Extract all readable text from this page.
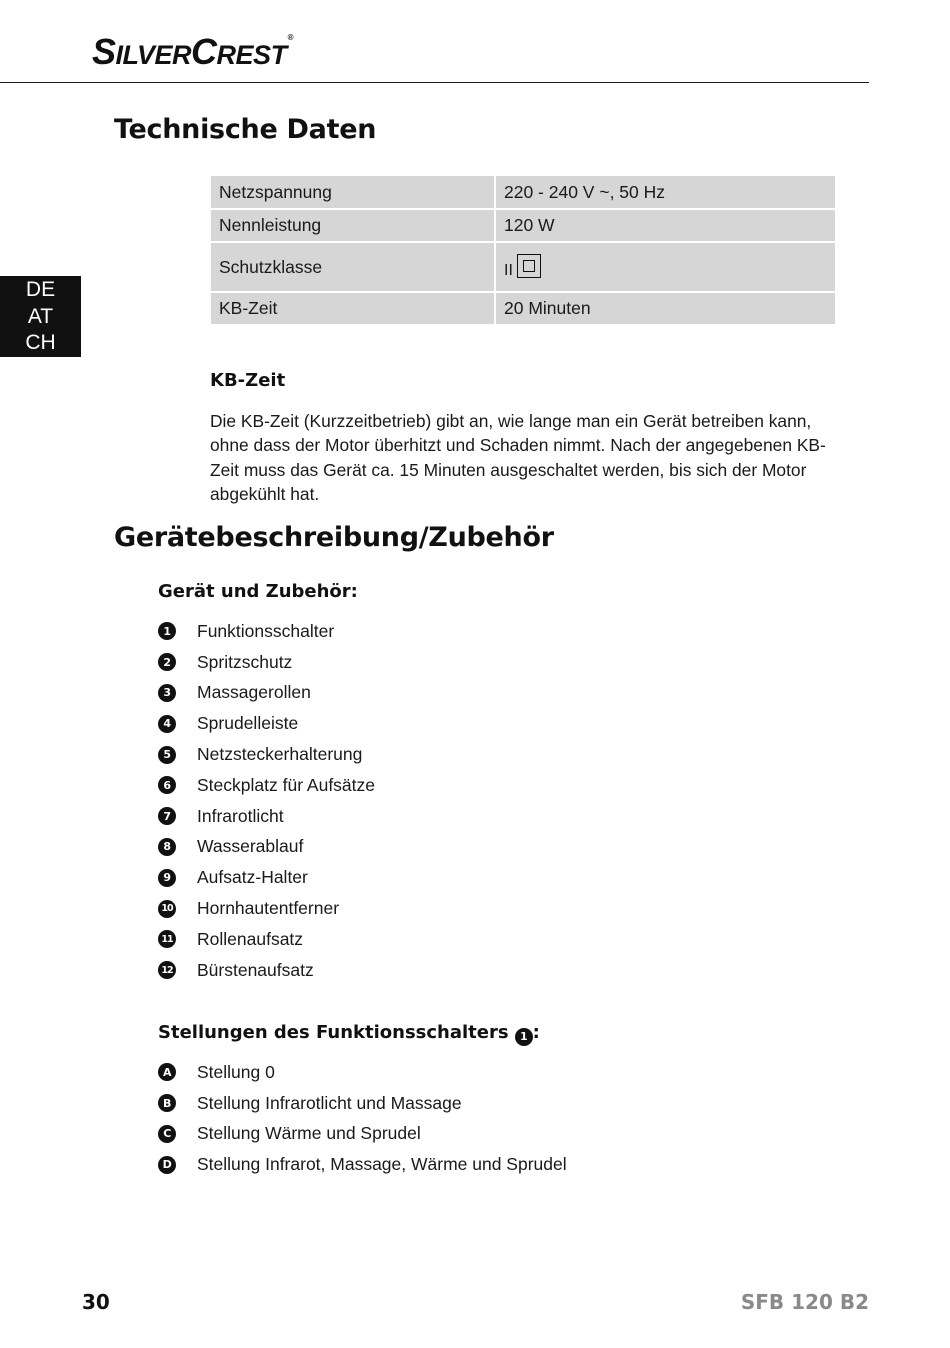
SILVERCREST®
DE
AT
CH
Technische Daten
Netzspannung	220 - 240 V ~, 50 Hz
Nennleistung	120 W
Schutzklasse	II

KB-Zeit	20 Minuten
KB-Zeit

Die KB-Zeit (Kurzzeitbetrieb) gibt an, wie lange man ein Gerät betreiben kann, ohne dass der Motor überhitzt und Schaden nimmt. Nach der angegebenen KB-Zeit muss das Gerät ca. 15 Minuten ausgeschaltet werden, bis sich der Motor abgekühlt hat.

Gerätebeschreibung/Zubehör
Gerät und Zubehör:
1	Funktionsschalter
2	Spritzschutz
3	Massagerollen
4	Sprudelleiste
5	Netzsteckerhalterung
6	Steckplatz für Aufsätze
7	Infrarotlicht
8	Wasserablauf
9	Aufsatz-Halter
10 Hornhautentferner
11 Rollenaufsatz
12 Bürstenaufsatz
Stellungen des Funktionsschalters 1 :
A Stellung 0
B Stellung Infrarotlicht und Massage
C Stellung Wärme und Sprudel
D Stellung Infrarot, Massage, Wärme und Sprudel
30	SFB 120 B2
